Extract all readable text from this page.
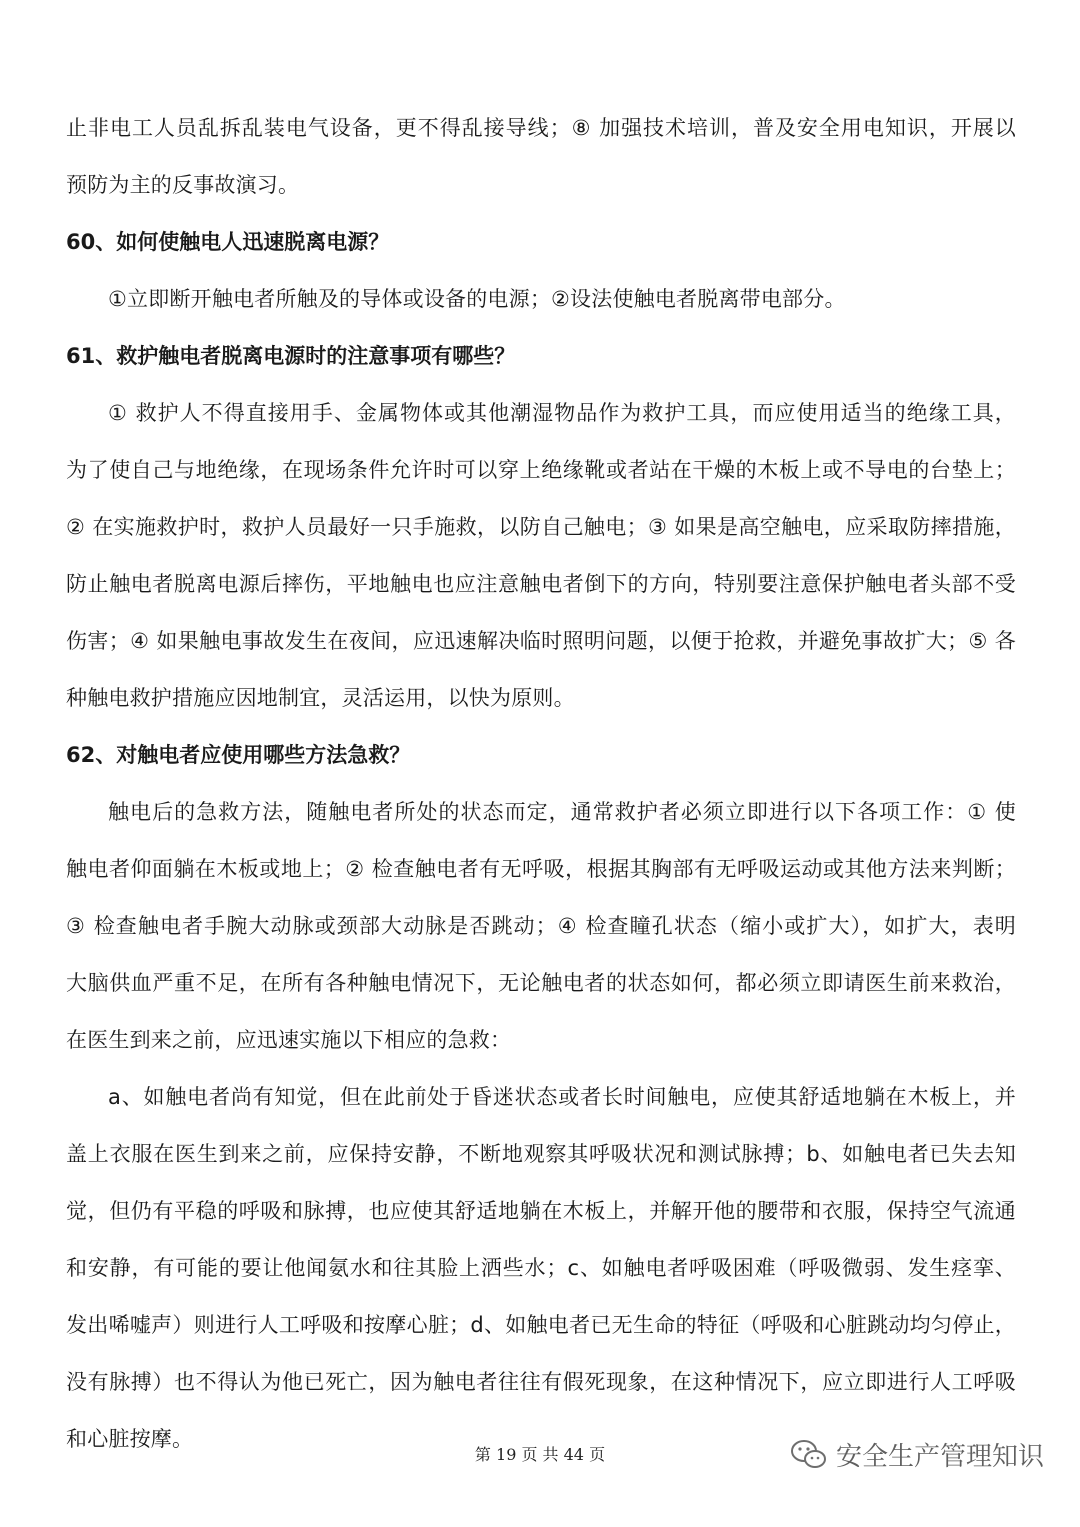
止非电工人员乱拆乱装电气设备，更不得乱接导线；⑧ 加强技术培训，普及安全用电知识，开展以
预防为主的反事故演习。
60、如何使触电人迅速脱离电源？
①立即断开触电者所触及的导体或设备的电源；②设法使触电者脱离带电部分。
61、救护触电者脱离电源时的注意事项有哪些？
① 救护人不得直接用手、金属物体或其他潮湿物品作为救护工具，而应使用适当的绝缘工具，
为了使自己与地绝缘，在现场条件允许时可以穿上绝缘靴或者站在干燥的木板上或不导电的台垫上；
② 在实施救护时，救护人员最好一只手施救，以防自己触电；③ 如果是高空触电，应采取防摔措施，
防止触电者脱离电源后摔伤，平地触电也应注意触电者倒下的方向，特别要注意保护触电者头部不受
伤害；④ 如果触电事故发生在夜间，应迅速解决临时照明问题，以便于抢救，并避免事故扩大；⑤ 各
种触电救护措施应因地制宜，灵活运用，以快为原则。
62、对触电者应使用哪些方法急救？
触电后的急救方法，随触电者所处的状态而定，通常救护者必须立即进行以下各项工作：① 使
触电者仰面躺在木板或地上；② 检查触电者有无呼吸，根据其胸部有无呼吸运动或其他方法来判断；
③ 检查触电者手腕大动脉或颈部大动脉是否跳动；④ 检查瞳孔状态（缩小或扩大），如扩大，表明
大脑供血严重不足，在所有各种触电情况下，无论触电者的状态如何，都必须立即请医生前来救治，
在医生到来之前，应迅速实施以下相应的急救：
a、如触电者尚有知觉，但在此前处于昏迷状态或者长时间触电，应使其舒适地躺在木板上，并
盖上衣服在医生到来之前，应保持安静，不断地观察其呼吸状况和测试脉搏；b、如触电者已失去知
觉，但仍有平稳的呼吸和脉搏，也应使其舒适地躺在木板上，并解开他的腰带和衣服，保持空气流通
和安静，有可能的要让他闻氨水和往其脸上洒些水；c、如触电者呼吸困难（呼吸微弱、发生痉挛、
发出唏嘘声）则进行人工呼吸和按摩心脏；d、如触电者已无生命的特征（呼吸和心脏跳动均匀停止，
没有脉搏）也不得认为他已死亡，因为触电者往往有假死现象，在这种情况下，应立即进行人工呼吸
和心脏按摩。
第 19 页 共 44 页	安全生产管理知识
